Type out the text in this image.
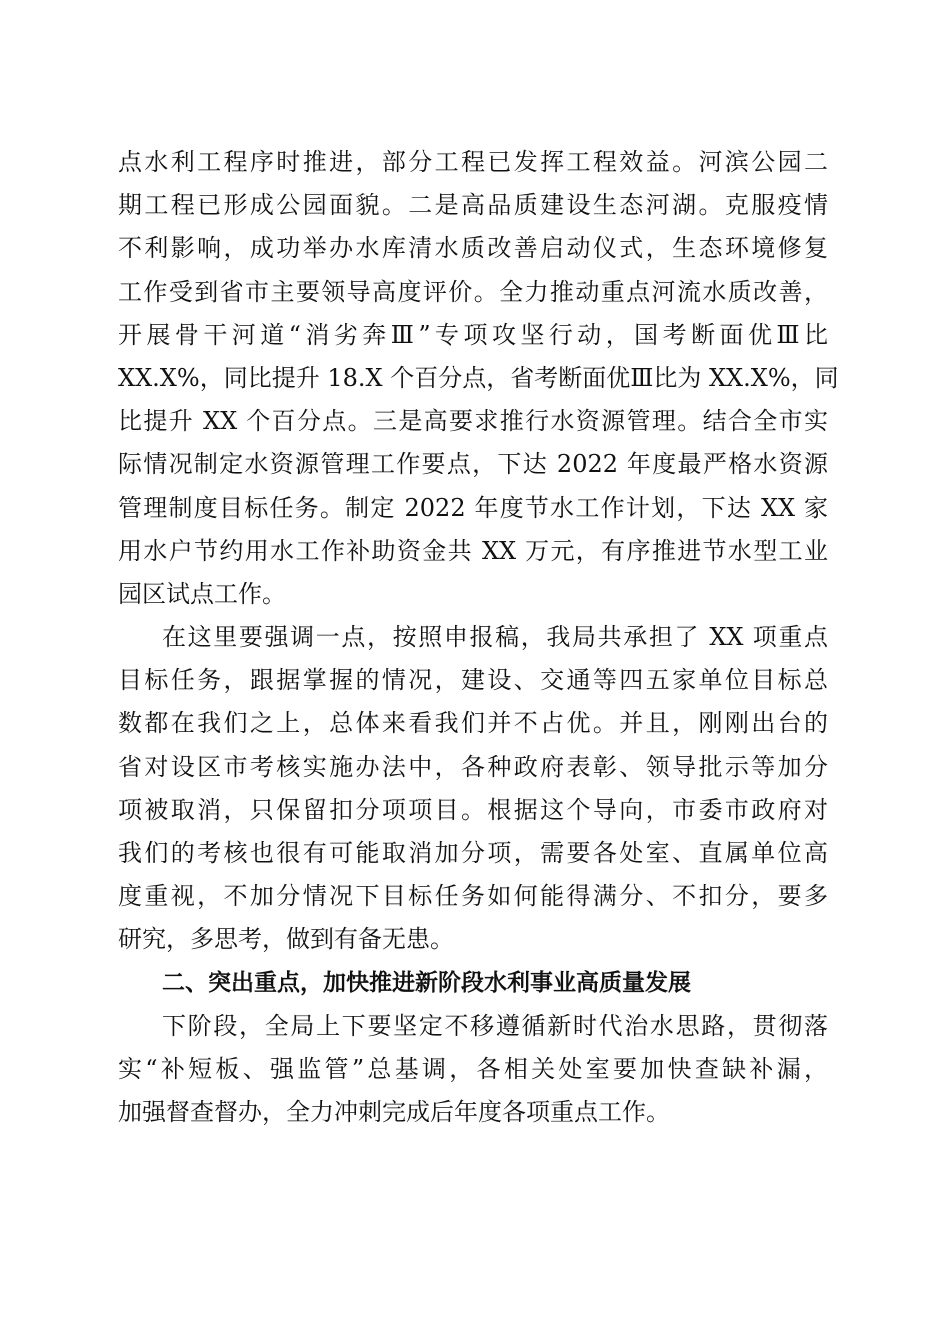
点水利工程序时推进，部分工程已发挥工程效益。河滨公园二
期工程已形成公园面貌。二是高品质建设生态河湖。克服疫情
不利影响，成功举办水库清水质改善启动仪式，生态环境修复
工作受到省市主要领导高度评价。全力推动重点河流水质改善，
开展骨干河道“消劣奔Ⅲ”专项攻坚行动，国考断面优Ⅲ比
XX.X%，同比提升 18.X 个百分点，省考断面优Ⅲ比为 XX.X%，同
比提升 XX 个百分点。三是高要求推行水资源管理。结合全市实
际情况制定水资源管理工作要点，下达 2022 年度最严格水资源
管理制度目标任务。制定 2022 年度节水工作计划，下达 XX 家
用水户节约用水工作补助资金共 XX 万元，有序推进节水型工业
园区试点工作。
在这里要强调一点，按照申报稿，我局共承担了 XX 项重点
目标任务，跟据掌握的情况，建设、交通等四五家单位目标总
数都在我们之上，总体来看我们并不占优。并且，刚刚出台的
省对设区市考核实施办法中，各种政府表彰、领导批示等加分
项被取消，只保留扣分项项目。根据这个导向，市委市政府对
我们的考核也很有可能取消加分项，需要各处室、直属单位高
度重视，不加分情况下目标任务如何能得满分、不扣分，要多
研究，多思考，做到有备无患。
二、突出重点，加快推进新阶段水利事业高质量发展
下阶段，全局上下要坚定不移遵循新时代治水思路，贯彻落
实“补短板、强监管”总基调，各相关处室要加快查缺补漏，
加强督查督办，全力冲刺完成后年度各项重点工作。
